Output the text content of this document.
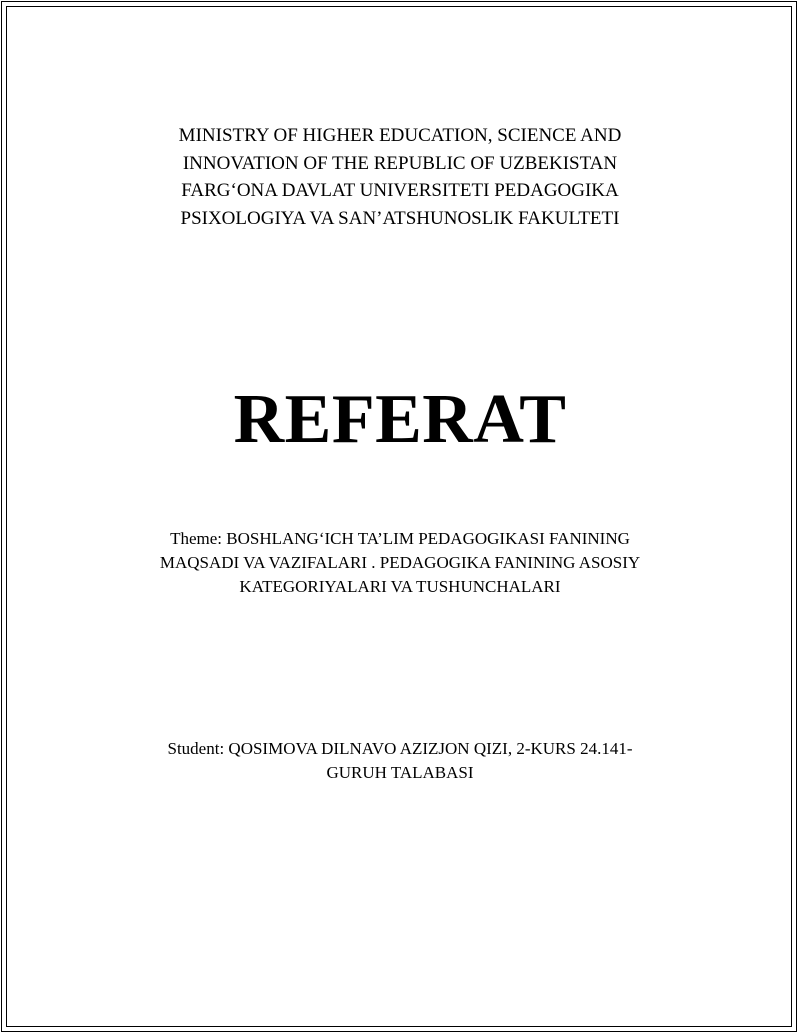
MINISTRY OF HIGHER EDUCATION, SCIENCE AND
INNOVATION OF THE REPUBLIC OF UZBEKISTAN
FARG‘ONA DAVLAT UNIVERSITETI PEDAGOGIKA
PSIXOLOGIYA VA SAN’ATSHUNOSLIK FAKULTETI
REFERAT
Theme: BOSHLANG‘ICH TA’LIM PEDAGOGIKASI FANINING
MAQSADI VA VAZIFALARI . PEDAGOGIKA FANINING ASOSIY
KATEGORIYALARI VA TUSHUNCHALARI
Student: QOSIMOVA DILNAVO AZIZJON QIZI, 2-KURS 24.141-
GURUH TALABASI
